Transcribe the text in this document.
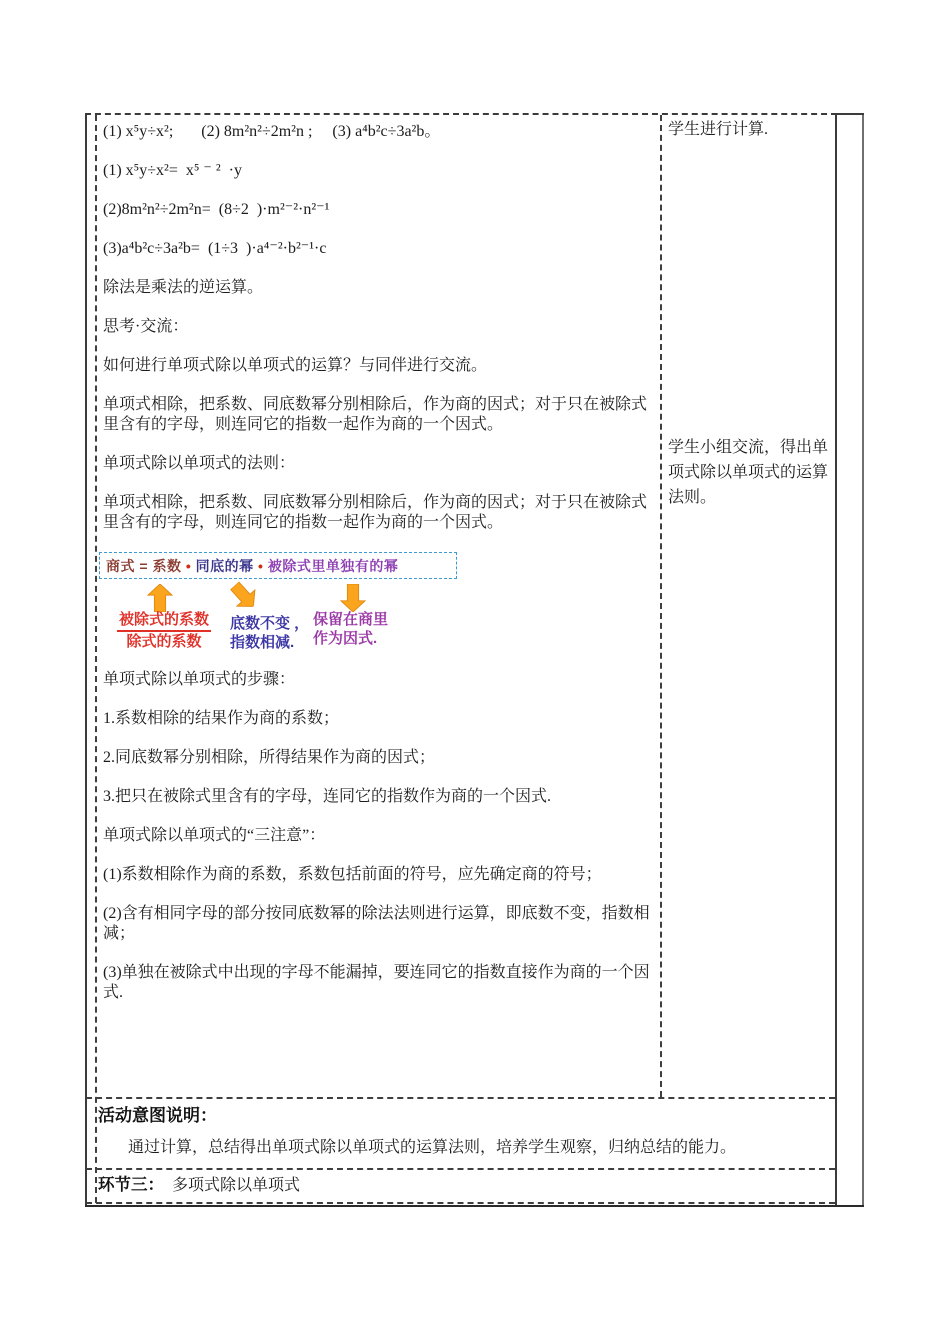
(1) x⁵y÷x²;       (2) 8m²n²÷2m²n ;     (3) a⁴b²c÷3a²b。
(1) x⁵y÷x²=  x⁵ ⁻ ²  ·y
(2)8m²n²÷2m²n=  (8÷2  )·m²⁻²·n²⁻¹
(3)a⁴b²c÷3a²b=  (1÷3  )·a⁴⁻²·b²⁻¹·c
除法是乘法的逆运算。
思考·交流：
如何进行单项式除以单项式的运算？与同伴进行交流。
单项式相除，把系数、同底数幂分别相除后，作为商的因式；对于只在被除式里含有的字母，则连同它的指数一起作为商的一个因式。
单项式除以单项式的法则：
单项式相除，把系数、同底数幂分别相除后，作为商的因式；对于只在被除式里含有的字母，则连同它的指数一起作为商的一个因式。
商式 = 系数 • 同底的幂 • 被除式里单独有的幂
被除式的系数
除式的系数
底数不变 ，
指数相减.
保留在商里
作为因式.
单项式除以单项式的步骤：
1.系数相除的结果作为商的系数；
2.同底数幂分别相除，所得结果作为商的因式；
3.把只在被除式里含有的字母，连同它的指数作为商的一个因式.
单项式除以单项式的“三注意”：
(1)系数相除作为商的系数，系数包括前面的符号，应先确定商的符号；
(2)含有相同字母的部分按同底数幂的除法法则进行运算，即底数不变，指数相减；
(3)单独在被除式中出现的字母不能漏掉，要连同它的指数直接作为商的一个因式.
学生进行计算.
学生小组交流，得出单项式除以单项式的运算法则。
活动意图说明：
通过计算，总结得出单项式除以单项式的运算法则，培养学生观察，归纳总结的能力。
环节三： 多项式除以单项式
